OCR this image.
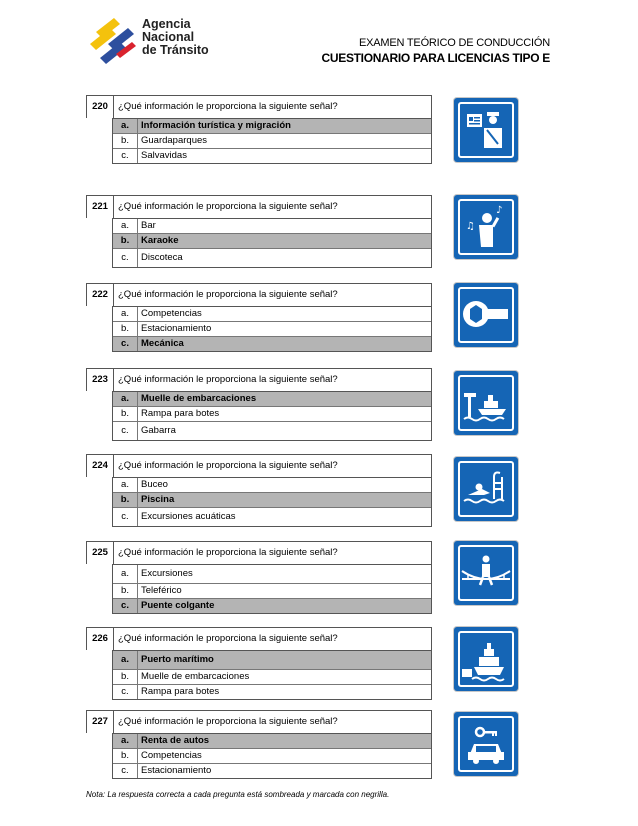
Agencia
Nacional
de Tránsito	EXAMEN TEÓRICO DE CONDUCCIÓN
CUESTIONARIO PARA LICENCIAS TIPO E
220	¿Qué información le proporciona la siguiente señal?
a.	Información turística y migración
b.	Guardaparques
c.	Salvavidas
221	¿Qué información le proporciona la siguiente señal?
a.	Bar
b.	Karaoke
c.	Discoteca
♪
♫
222	¿Qué información le proporciona la siguiente señal?
a.	Competencias
b.	Estacionamiento
c.	Mecánica
223	¿Qué información le proporciona la siguiente señal?
a.	Muelle de embarcaciones
b.	Rampa para botes
c.	Gabarra
224	¿Qué información le proporciona la siguiente señal?
a.	Buceo
b.	Piscina
c.	Excursiones acuáticas
225	¿Qué información le proporciona la siguiente señal?
a.	Excursiones
b.	Teleférico
c.	Puente colgante
226	¿Qué información le proporciona la siguiente señal?
a.	Puerto marítimo
b.	Muelle de embarcaciones
c.	Rampa para botes
227	¿Qué información le proporciona la siguiente señal?
a.	Renta de autos
b.	Competencias
c.	Estacionamiento
Nota: La respuesta correcta a cada pregunta está sombreada y marcada con negrilla.
